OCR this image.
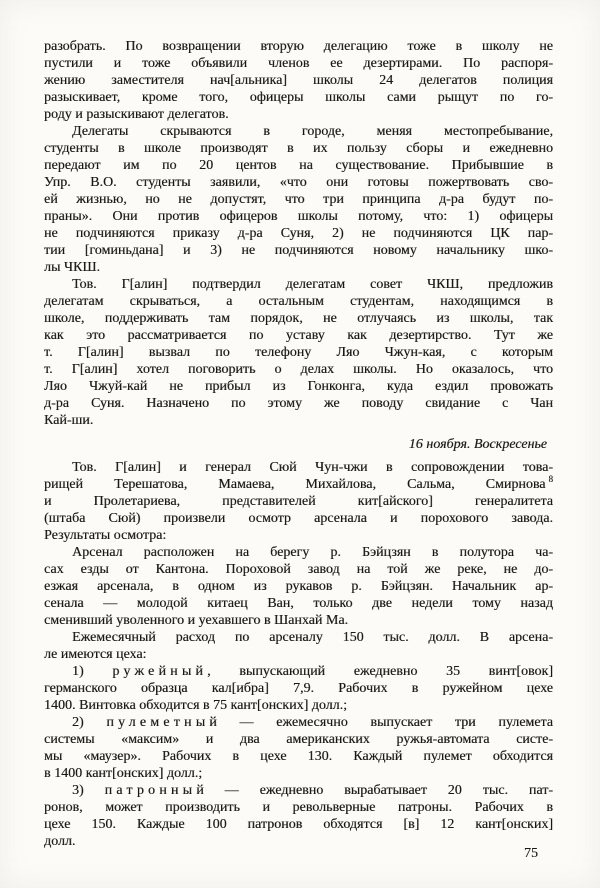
разобрать. По возвращении вторую делегацию тоже в школу не
пустили и тоже объявили членов ее дезертирами. По распоря-
жению заместителя нач[альника] школы 24 делегатов полиция
разыскивает, кроме того, офицеры школы сами рыщут по го-
роду и разыскивают делегатов.
Делегаты скрываются в городе, меняя местопребывание,
студенты в школе производят в их пользу сборы и ежедневно
передают им по 20 центов на существование. Прибывшие в
Упр. В.О. студенты заявили, «что они готовы пожертвовать сво-
ей жизнью, но не допустят, что три принципа д-ра будут по-
праны». Они против офицеров школы потому, что: 1) офицеры
не подчиняются приказу д-ра Суня, 2) не подчиняются ЦК пар-
тии [гоминьдана] и 3) не подчиняются новому начальнику шко-
лы ЧКШ.
Тов. Г[алин] подтвердил делегатам совет ЧКШ, предложив
делегатам скрываться, а остальным студентам, находящимся в
школе, поддерживать там порядок, не отлучаясь из школы, так
как это рассматривается по уставу как дезертирство. Тут же
т. Г[алин] вызвал по телефону Ляо Чжун-кая, с которым
т. Г[алин] хотел поговорить о делах школы. Но оказалось, что
Ляо Чжуй-кай не прибыл из Гонконга, куда ездил провожать
д-ра Суня. Назначено по этому же поводу свидание с Чан
Кай-ши.
16 ноября. Воскресенье
Тов. Г[алин] и генерал Сюй Чун-чжи в сопровождении това-
рищей Терешатова, Мамаева, Михайлова, Сальма, Смирнова $^8$
и Пролетариева, представителей кит[айского] генералитета
(штаба Сюй) произвели осмотр арсенала и порохового завода.
Результаты осмотра:
Арсенал расположен на берегу р. Бэйцзян в полутора ча-
сах езды от Кантона. Пороховой завод на той же реке, не до-
езжая арсенала, в одном из рукавов р. Бэйцзян. Начальник ар-
сенала — молодой китаец Ван, только две недели тому назад
сменивший уволенного и уехавшего в Шанхай Ма.
Ежемесячный расход по арсеналу 150 тыс. долл. В арсена-
ле имеются цеха:
1) ружейный, выпускающий ежедневно 35 винт[овок]
германского образца кал[ибра] 7,9. Рабочих в ружейном цехе
1400. Винтовка обходится в 75 кант[онских] долл.;
2) пулеметный — ежемесячно выпускает три пулемета
системы «максим» и два американских ружья-автомата систе-
мы «маузер». Рабочих в цехе 130. Каждый пулемет обходится
в 1400 кант[онских] долл.;
3) патронный — ежедневно вырабатывает 20 тыс. пат-
ронов, может производить и револьверные патроны. Рабочих в
цехе 150. Каждые 100 патронов обходятся [в] 12 кант[онских]
долл.
75
